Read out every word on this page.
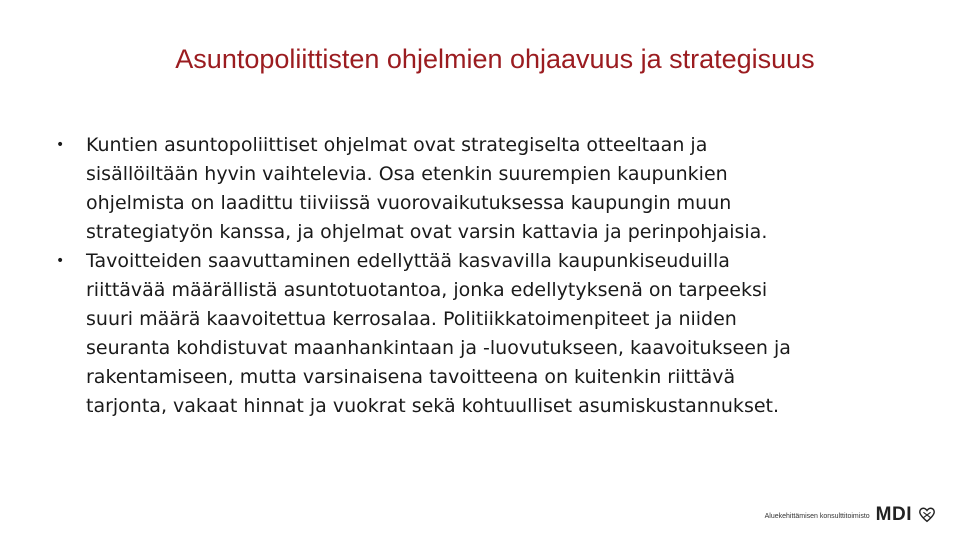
Asuntopoliittisten ohjelmien ohjaavuus ja strategisuus
•	Kuntien asuntopoliittiset ohjelmat ovat strategiselta otteeltaan ja
sisällöiltään hyvin vaihtelevia. Osa etenkin suurempien kaupunkien
ohjelmista on laadittu tiiviissä vuorovaikutuksessa kaupungin muun
strategiatyön kanssa, ja ohjelmat ovat varsin kattavia ja perinpohjaisia.
•	Tavoitteiden saavuttaminen edellyttää kasvavilla kaupunkiseuduilla
riittävää määrällistä asuntotuotantoa, jonka edellytyksenä on tarpeeksi
suuri määrä kaavoitettua kerrosalaa. Politiikkatoimenpiteet ja niiden
seuranta kohdistuvat maanhankintaan ja -luovutukseen, kaavoitukseen ja
rakentamiseen, mutta varsinaisena tavoitteena on kuitenkin riittävä
tarjonta, vakaat hinnat ja vuokrat sekä kohtuulliset asumiskustannukset.
Aluekehittämisen konsulttitoimisto MDI
